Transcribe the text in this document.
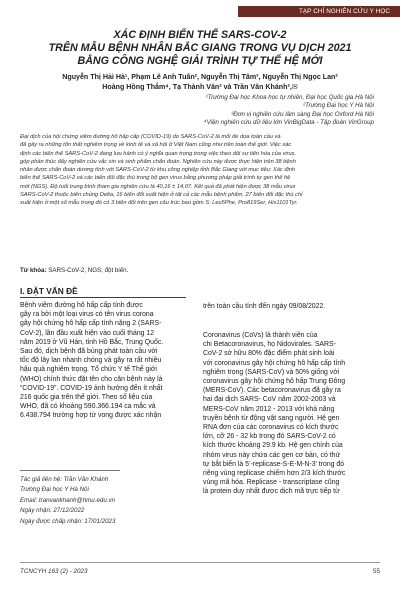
TẠP CHÍ NGHIÊN CỨU Y HỌC
XÁC ĐỊNH BIẾN THỂ SARS-COV-2
TRÊN MẪU BỆNH NHÂN BẮC GIANG TRONG VỤ DỊCH 2021
BẰNG CÔNG NGHỆ GIẢI TRÌNH TỰ THẾ HỆ MỚI
Nguyễn Thị Hải Hà¹, Phạm Lê Anh Tuấn², Nguyễn Thị Tâm³, Nguyễn Thị Ngọc Lan²
Hoàng Hồng Thắm⁴, Tạ Thành Văn² và Trần Văn Khánh²,✉
¹Trường Đại học Khoa học tự nhiên, Đại học Quốc gia Hà Nội
²Trường Đại học Y Hà Nội
³Đơn vị nghiên cứu lâm sàng Đại học Oxford Hà Nội
⁴Viện nghiên cứu dữ liệu lớn VinBigData - Tập đoàn VinGroup
Đại dịch của hội chứng viêm đường hô hấp cấp (COVID-19) do SARS-CoV-2 là mối đe dọa toàn cầu và
đã gây ra những tổn thất nghiêm trọng về kinh tế và xã hội ở Việt Nam cũng như trên toàn thế giới. Việc xác
định các biến thể SARS-CoV-2 đang lưu hành có ý nghĩa quan trọng trong việc theo dõi sự tiến hóa của virus,
góp phần thúc đẩy nghiên cứu vắc xin và sinh phẩm chẩn đoán. Nghiên cứu này được thực hiện trên 38 bệnh
nhân được chẩn đoán dương tính với SARS-CoV-2 từ khu công nghiệp tỉnh Bắc Giang với mục tiêu: Xác định
biến thể SARS-CoV-2 và các biến đổi đặc thù trong bộ gen virus bằng phương pháp giải trình tự gen thế hệ
mới (NGS). Độ tuổi trung bình tham gia nghiên cứu là 40,16 ± 14,07. Kết quả đã phát hiện được 38 mẫu virus
SARS-CoV-2 thuộc biến chủng Delta, 16 biến đổi xuất hiện ở tất cả các mẫu bệnh phẩm, 27 biến đổi đặc thù chỉ
xuất hiện ở một số mẫu trong đó có 3 biến đổi trên gen cấu trúc bao gồm S: Leu5Phe, Pro819Ser, His1101Tyr.
Từ khóa: SARS-CoV-2, NGS, đột biến.
I. ĐẶT VẤN ĐỀ
Bệnh viêm đường hô hấp cấp tính được
gây ra bởi một loại virus có tên virus corona
gây hội chứng hô hấp cấp tính nặng 2 (SARS-
CoV-2), lần đầu xuất hiện vào cuối tháng 12
năm 2019 ở Vũ Hán, tỉnh Hồ Bắc, Trung Quốc.
Sau đó, dịch bệnh đã bùng phát toàn cầu với
tốc độ lây lan nhanh chóng và gây ra rất nhiều
hậu quả nghiêm trọng. Tổ chức Y tế Thế giới
(WHO) chính thức đặt tên cho căn bệnh này là
“COVID-19”. COVID-19 ảnh hưởng đến ít nhất
216 quốc gia trên thế giới. Theo số liệu của
WHO, đã có khoảng 590.366.194 ca mắc và
6.438.794 trường hợp tử vong được xác nhận
trên toàn cầu tính đến ngày 09/08/2022.
Coronavirus (CoVs) là thành viên của
chi Betacoronavirus, họ Nidovirales. SARS-
CoV-2 sở hữu 80% đặc điểm phát sinh loài
với coronavirus gây hội chứng hô hấp cấp tính
nghiêm trọng (SARS-CoV) và 50% giống với
coronavirus gây hội chứng hô hấp Trung Đông
(MERS-CoV). Các betacoronavirus đã gây ra
hai đại dịch SARS- CoV năm 2002-2003 và
MERS-CoV năm 2012 - 2013 với khả năng
truyền bệnh từ động vật sang người. Hệ gen
RNA đơn của các coronavirus có kích thước
lớn, cỡ 26 - 32 kb trong đó SARS-CoV-2 có
kích thước khoảng 29.9 kb. Hệ gen chính của
nhóm virus này chứa các gen cơ bản, có thứ
tự bắt biến là 5’-replicase-S-E-M-N-3’ trong đó
riêng vùng replicase chiếm hơn 2/3 kích thước
vùng mã hóa. Replicase - transcriptase cũng
là protein duy nhất được dịch mã trực tiếp từ
Tác giả liên hệ: Trần Văn Khánh
Trường Đại học Y Hà Nội
Email: tranvankhanh@hmu.edu.vn
Ngày nhận: 27/12/2022
Ngày được chấp nhận: 17/01/2023
TCNCYH 163 (2) - 2023	55
